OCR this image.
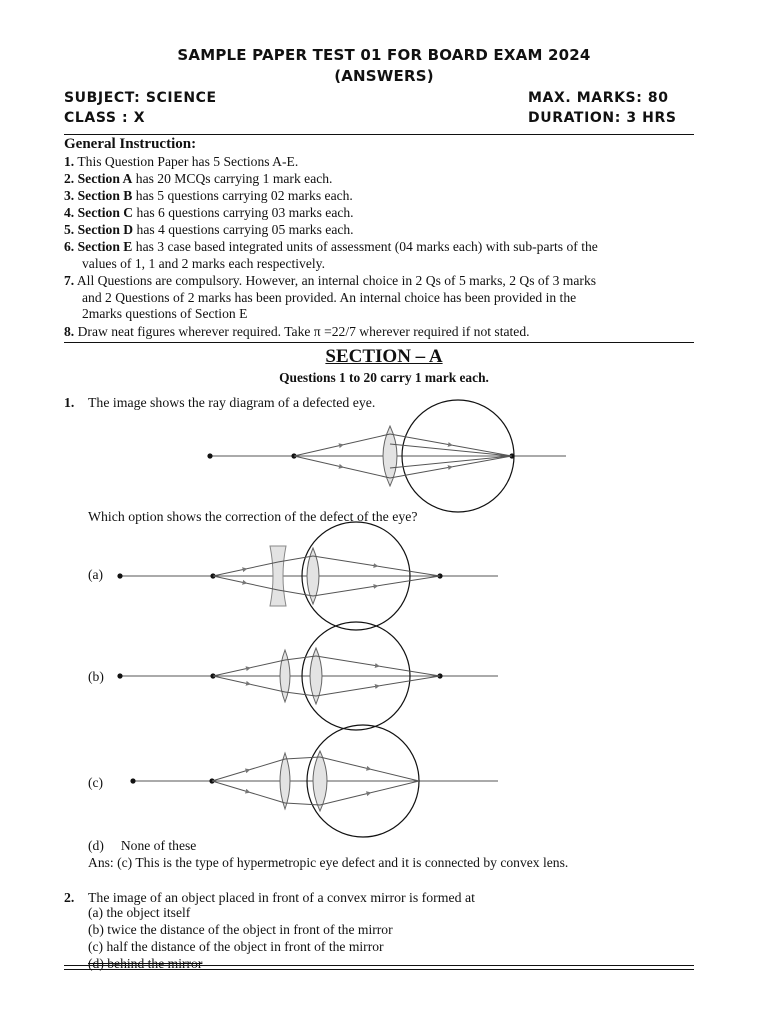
SAMPLE PAPER TEST 01 FOR BOARD EXAM 2024
(ANSWERS)
SUBJECT: SCIENCE	MAX. MARKS: 80
CLASS : X	DURATION: 3 HRS
General Instruction:
1. This Question Paper has 5 Sections A-E.
2. Section A has 20 MCQs carrying 1 mark each.
3. Section B has 5 questions carrying 02 marks each.
4. Section C has 6 questions carrying 03 marks each.
5. Section D has 4 questions carrying 05 marks each.
6. Section E has 3 case based integrated units of assessment (04 marks each) with sub-parts of the
values of 1, 1 and 2 marks each respectively.
7. All Questions are compulsory. However, an internal choice in 2 Qs of 5 marks, 2 Qs of 3 marks
and 2 Questions of 2 marks has been provided. An internal choice has been provided in the
2marks questions of Section E
8. Draw neat figures wherever required. Take π =22/7 wherever required if not stated.
SECTION – A
Questions 1 to 20 carry 1 mark each.
1. The image shows the ray diagram of a defected eye.
Which option shows the correction of the defect of the eye?
(a)
(b)
(c)
(d)     None of these
Ans: (c) This is the type of hypermetropic eye defect and it is connected by convex lens.
2. The image of an object placed in front of a convex mirror is formed at
(a) the object itself
(b) twice the distance of the object in front of the mirror
(c) half the distance of the object in front of the mirror
(d) behind the mirror
